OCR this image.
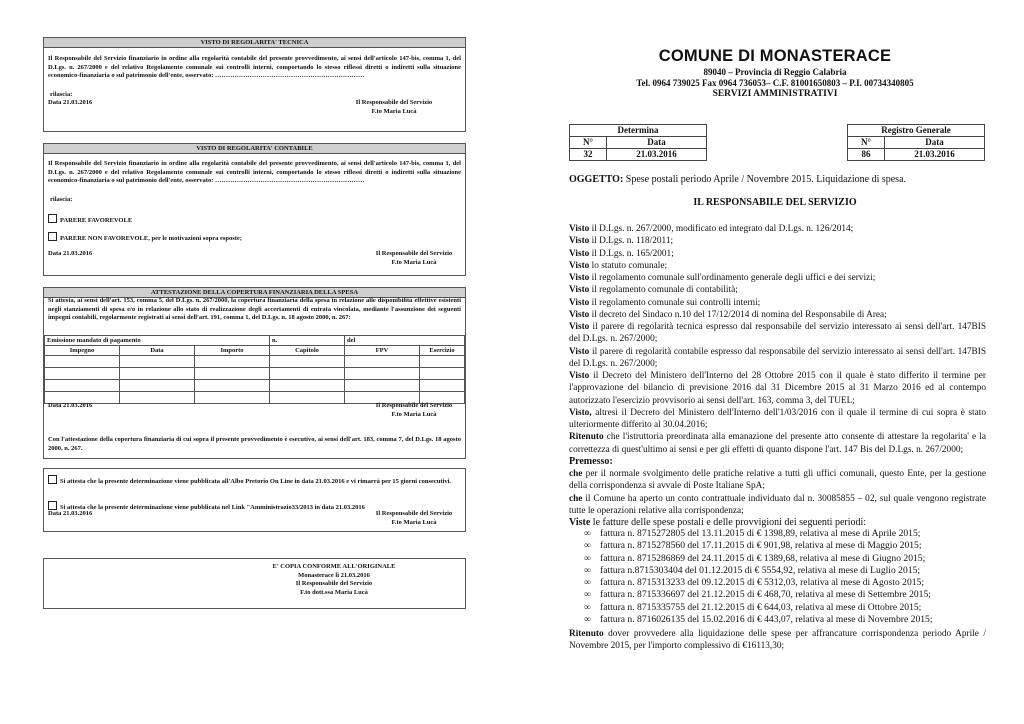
VISTO DI REGOLARITA' TECNICA
Il Responsabile del Servizio finanziario in ordine alla regolarità contabile del presente provvedimento, ai sensi dell'articolo 147-bis, comma 1, del D.Lgs. n. 267/2000 e del relativo Regolamento comunale sui controlli interni, comportando lo stesso riflessi diretti o indiretti sulla situazione economico-finanziaria o sul patrimonio dell'ente, osservato: ……………………………………………………………
rilascia:
Data 21.03.2016	Il Responsabile del Servizio
F.to Maria Lucà
VISTO DI REGOLARITA' CONTABILE
Il Responsabile del Servizio finanziario in ordine alla regolarità contabile del presente provvedimento, ai sensi dell'articolo 147-bis, comma 1, del D.Lgs. n. 267/2000 e del relativo Regolamento comunale sui controlli interni, comportando lo stesso riflessi diretti o indiretti sulla situazione economico-finanziaria o sul patrimonio dell'ente, osservato: ……………………………………………………………
rilascia:
PARERE FAVOREVOLE
PARERE NON FAVOREVOLE, per le motivazioni sopra esposte;
Data 21.03.2016	Il Responsabile del Servizio
F.to Maria Lucà
ATTESTAZIONE DELLA COPERTURA FINANZIARIA DELLA SPESA
Si attesta, ai sensi dell'art. 153, comma 5, del D.Lgs. n. 267/2000, la copertura finanziaria della spesa in relazione alle disponibilità effettive esistenti negli stanziamenti di spesa e/o in relazione allo stato di realizzazione degli accertamenti di entrata vincolata, mediante l'assunzione dei seguenti impegni contabili, regolarmente registrati ai sensi dell'art. 191, comma 1, del D.Lgs. n. 18 agosto 2000, n. 267:
Emissione mandato di pagamento			n.	del	
Impegno	Data	Importo	Capitolo	FPV	Esercizio

Data 21.03.2016	Il Responsabile del Servizio
F.to Maria Lucà
Con l'attestazione della copertura finanziaria di cui sopra il presente provvedimento è esecutivo, ai sensi dell'art. 183, comma 7, del D.Lgs. 18 agosto 2000, n. 267.
Si attesta che la presente determinazione viene pubblicata all'Albo Pretorio On Line in data 21.03.2016 e vi rimarrà per 15 giorni consecutivi.
Si attesta che la presente determinazione viene pubblicata nel Link "Amministrazio33/2013 in data 21.03.2016
Data 21.03.2016	Il Responsabile del Servizio
F.to Maria Lucà
E' COPIA CONFORME ALL'ORIGINALE
Monasterace lì 21.03.2016
Il Responsabile del Servizio
F.to dott.ssa Maria Lucà
COMUNE DI MONASTERACE
89040 – Provincia di Reggio Calabria
Tel. 0964 739025 Fax 0964 736053– C.F. 81001650803 – P.I. 00734340805
SERVIZI AMMINISTRATIVI
Determina	
N°	Data
32	21.03.2016
Registro Generale	
N°	Data
86	21.03.2016
OGGETTO: Spese postali periodo Aprile / Novembre 2015. Liquidazione di spesa.
IL RESPONSABILE DEL SERVIZIO

Visto il D.Lgs. n. 267/2000, modificato ed integrato dal D.Lgs. n. 126/2014;

Visto il D.Lgs. n. 118/2011;

Visto il D.Lgs. n. 165/2001;

Visto lo statuto comunale;

Visto il regolamento comunale sull'ordinamento generale degli uffici e dei servizi;

Visto il regolamento comunale di contabilità;

Visto il regolamento comunale sui controlli interni;

Visto il decreto del Sindaco n.10 del 17/12/2014 di nomina del Responsabile di Area;

Visto il parere di regolarità tecnica espresso dal responsabile del servizio interessato ai sensi dell'art. 147BIS del D.Lgs. n. 267/2000;

Visto il parere di regolarità contabile espresso dal responsabile del servizio interessato ai sensi dell'art. 147BIS del D.Lgs. n. 267/2000;

Visto il Decreto del Ministero dell'Interno del 28 Ottobre 2015 con il quale è stato differito il termine per l'approvazione del bilancio di previsione 2016 dal 31 Dicembre 2015 al 31 Marzo 2016 ed al contempo autorizzato l'esercizio provvisorio ai sensi dell'art. 163, comma 3, del TUEL;

Visto, altresì il Decreto del Ministero dell'Interno dell'1/03/2016 con il quale il termine di cui sopra è stato ulteriormente differito al 30.04.2016;

Ritenuto che l'istruttoria preordinata alla emanazione del presente atto consente di attestare la regolarita' e la correttezza di quest'ultimo ai sensi e per gli effetti di quanto dispone l'art. 147 Bis del D.Lgs. n. 267/2000;

Premesso:

che per il normale svolgimento delle pratiche relative a tutti gli uffici comunali, questo Ente, per la gestione della corrispondenza si avvale di Poste Italiane SpA;

che il Comune ha aperto un conto contrattuale individuato dal n. 30085855 – 02, sul quale vengono registrate tutte le operazioni relative alla corrispondenza;

Viste le fatture delle spese postali e delle provvigioni dei seguenti periodi:

∞ fattura n. 8715272805 del 13.11.2015 di € 1398,89, relativa al mese di Aprile 2015;
∞ fattura n. 8715278560 del 17.11.2015 di € 901,98, relativa al mese di Maggio 2015;
∞ fattura n. 8715286869 del 24.11.2015 di € 1389,68, relativa al mese di Giugno 2015;
∞ fattura n.8715303404 del 01.12.2015 di € 5554,92, relativa al mese di Luglio 2015;
∞ fattura n. 8715313233 del 09.12.2015 di € 5312,03, relativa al mese di Agosto 2015;
∞ fattura n. 8715336697 del 21.12.2015 di € 468,70, relativa al mese di Settembre 2015;
∞ fattura n. 8715335755 del 21.12.2015 di € 644,03, relativa al mese di Ottobre 2015;
∞ fattura n. 8716026135 del 15.02.2016 di € 443,07, relativa al mese di Novembre 2015;

Ritenuto dover provvedere alla liquidazione delle spese per affrancature corrispondenza periodo Aprile / Novembre 2015, per l'importo complessivo di €16113,30;
